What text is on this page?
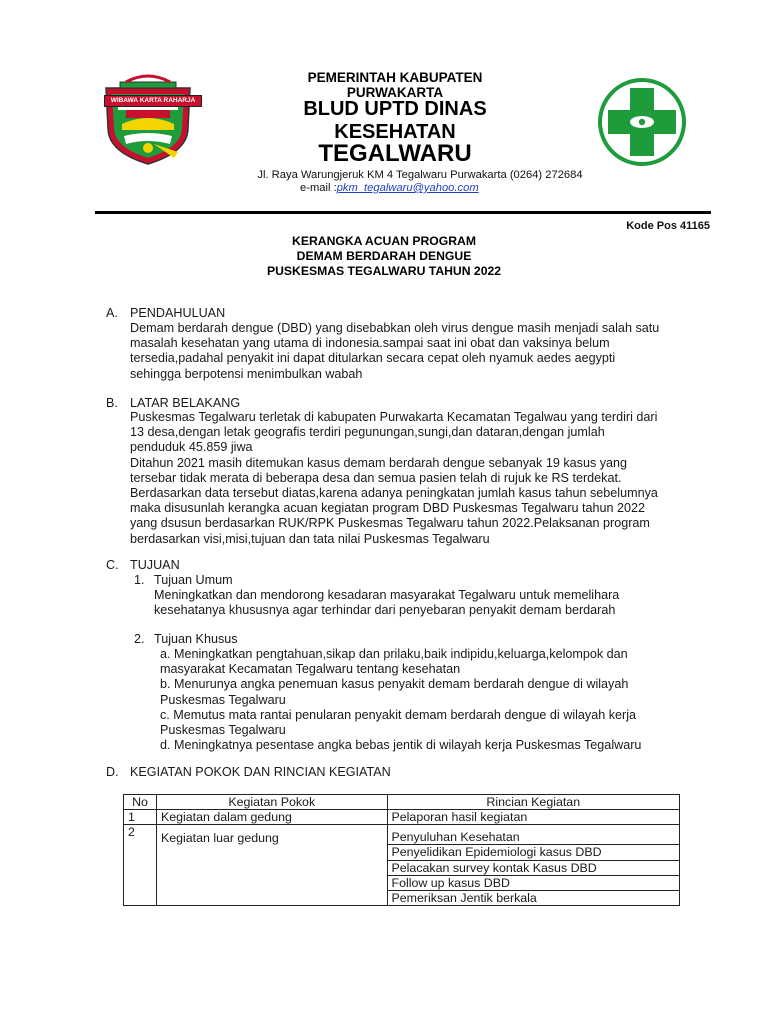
WIBAWA KARTA RAHARJA
PEMERINTAH KABUPATEN
PURWAKARTA
BLUD UPTD DINAS
KESEHATAN
TEGALWARU
Jl. Raya Warungjeruk KM 4 Tegalwaru Purwakarta (0264) 272684
e-mail :pkm_tegalwaru@yahoo.com
Kode Pos 41165
KERANGKA ACUAN PROGRAM
DEMAM BERDARAH DENGUE
PUSKESMAS TEGALWARU TAHUN 2022
A. PENDAHULUAN
Demam berdarah dengue (DBD) yang disebabkan oleh virus dengue masih menjadi salah satu
masalah kesehatan yang utama di indonesia.sampai saat ini obat dan vaksinya belum
tersedia,padahal penyakit ini dapat ditularkan secara cepat oleh nyamuk aedes aegypti
sehingga berpotensi menimbulkan wabah
B. LATAR BELAKANG
Puskesmas Tegalwaru terletak di kabupaten Purwakarta Kecamatan Tegalwau yang terdiri dari
13 desa,dengan letak geografis terdiri pegunungan,sungi,dan dataran,dengan jumlah
penduduk 45.859 jiwa
Ditahun 2021 masih ditemukan kasus demam berdarah dengue sebanyak 19 kasus yang
tersebar tidak merata di beberapa desa dan semua pasien telah di rujuk ke RS terdekat.
Berdasarkan data tersebut diatas,karena adanya peningkatan jumlah kasus tahun sebelumnya
maka disusunlah kerangka acuan kegiatan program DBD Puskesmas Tegalwaru tahun 2022
yang dsusun berdasarkan RUK/RPK Puskesmas Tegalwaru tahun 2022.Pelaksanan program
berdasarkan visi,misi,tujuan dan tata nilai Puskesmas Tegalwaru
C. TUJUAN
1. Tujuan Umum
Meningkatkan dan mendorong kesadaran masyarakat Tegalwaru untuk memelihara
kesehatanya khususnya agar terhindar dari penyebaran penyakit demam berdarah
2. Tujuan Khusus
a. Meningkatkan pengtahuan,sikap dan prilaku,baik indipidu,keluarga,kelompok dan
masyarakat Kecamatan Tegalwaru tentang kesehatan
b. Menurunya angka penemuan kasus penyakit demam berdarah dengue di wilayah
Puskesmas Tegalwaru
c. Memutus mata rantai penularan penyakit demam berdarah dengue di wilayah kerja
Puskesmas Tegalwaru
d. Meningkatnya pesentase angka bebas jentik di wilayah kerja Puskesmas Tegalwaru
D. KEGIATAN POKOK DAN RINCIAN KEGIATAN
No	Kegiatan Pokok	Rincian Kegiatan
1	Kegiatan dalam gedung	Pelaporan hasil kegiatan
2	Kegiatan luar gedung	Penyuluhan Kesehatan
		Penyelidikan Epidemiologi kasus DBD
		Pelacakan survey kontak Kasus DBD
		Follow up kasus DBD
		Pemeriksan Jentik berkala
